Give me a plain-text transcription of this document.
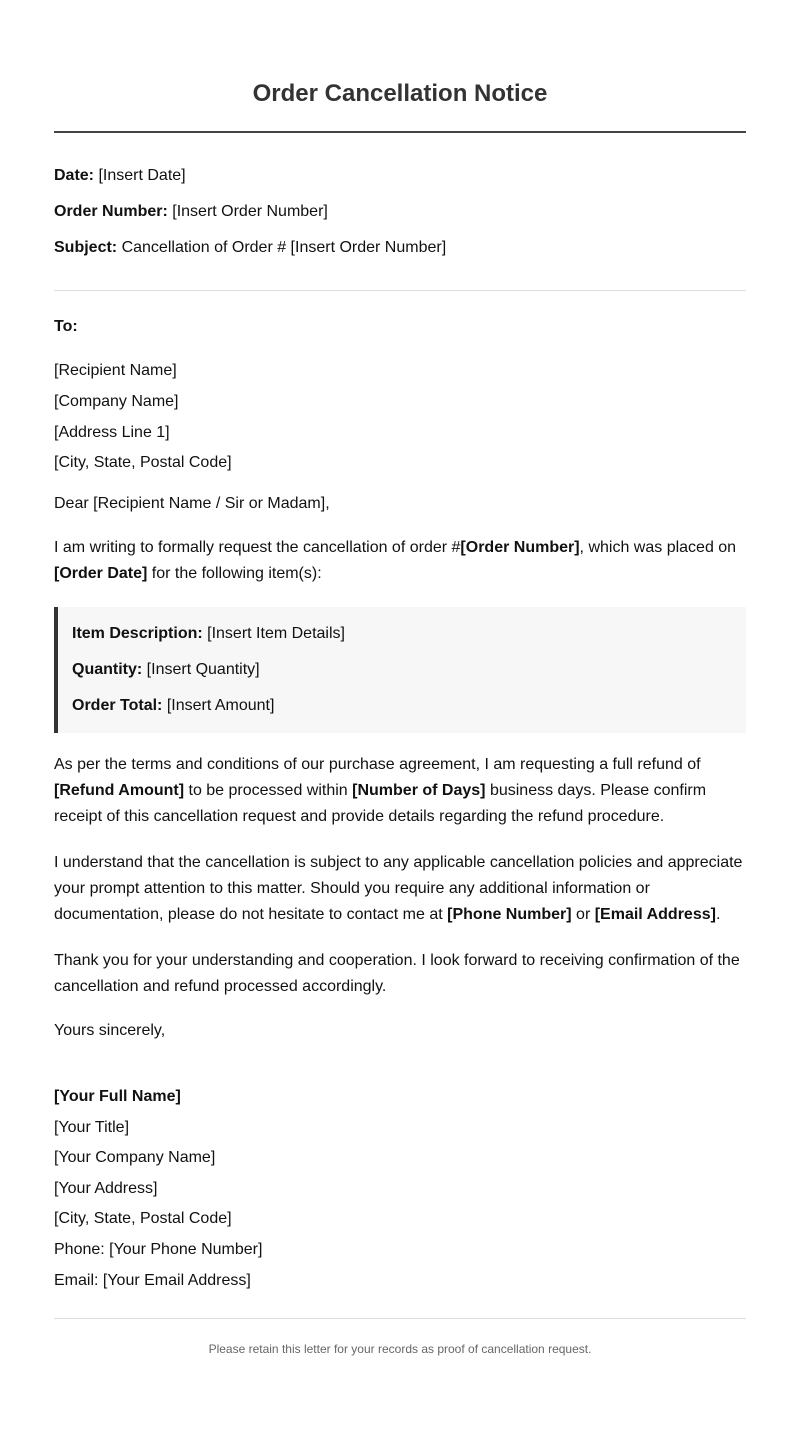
Order Cancellation Notice

Date: [Insert Date]

Order Number: [Insert Order Number]

Subject: Cancellation of Order # [Insert Order Number]

To:

[Recipient Name]
[Company Name]
[Address Line 1]
[City, State, Postal Code]

Dear [Recipient Name / Sir or Madam],

I am writing to formally request the cancellation of order #[Order Number], which was placed on [Order Date] for the following item(s):

Item Description: [Insert Item Details]

Quantity: [Insert Quantity]

Order Total: [Insert Amount]

As per the terms and conditions of our purchase agreement, I am requesting a full refund of [Refund Amount] to be processed within [Number of Days] business days. Please confirm receipt of this cancellation request and provide details regarding the refund procedure.

I understand that the cancellation is subject to any applicable cancellation policies and appreciate your prompt attention to this matter. Should you require any additional information or documentation, please do not hesitate to contact me at [Phone Number] or [Email Address].

Thank you for your understanding and cooperation. I look forward to receiving confirmation of the cancellation and refund processed accordingly.

Yours sincerely,

[Your Full Name]
[Your Title]
[Your Company Name]
[Your Address]
[City, State, Postal Code]
Phone: [Your Phone Number]
Email: [Your Email Address]
Please retain this letter for your records as proof of cancellation request.
